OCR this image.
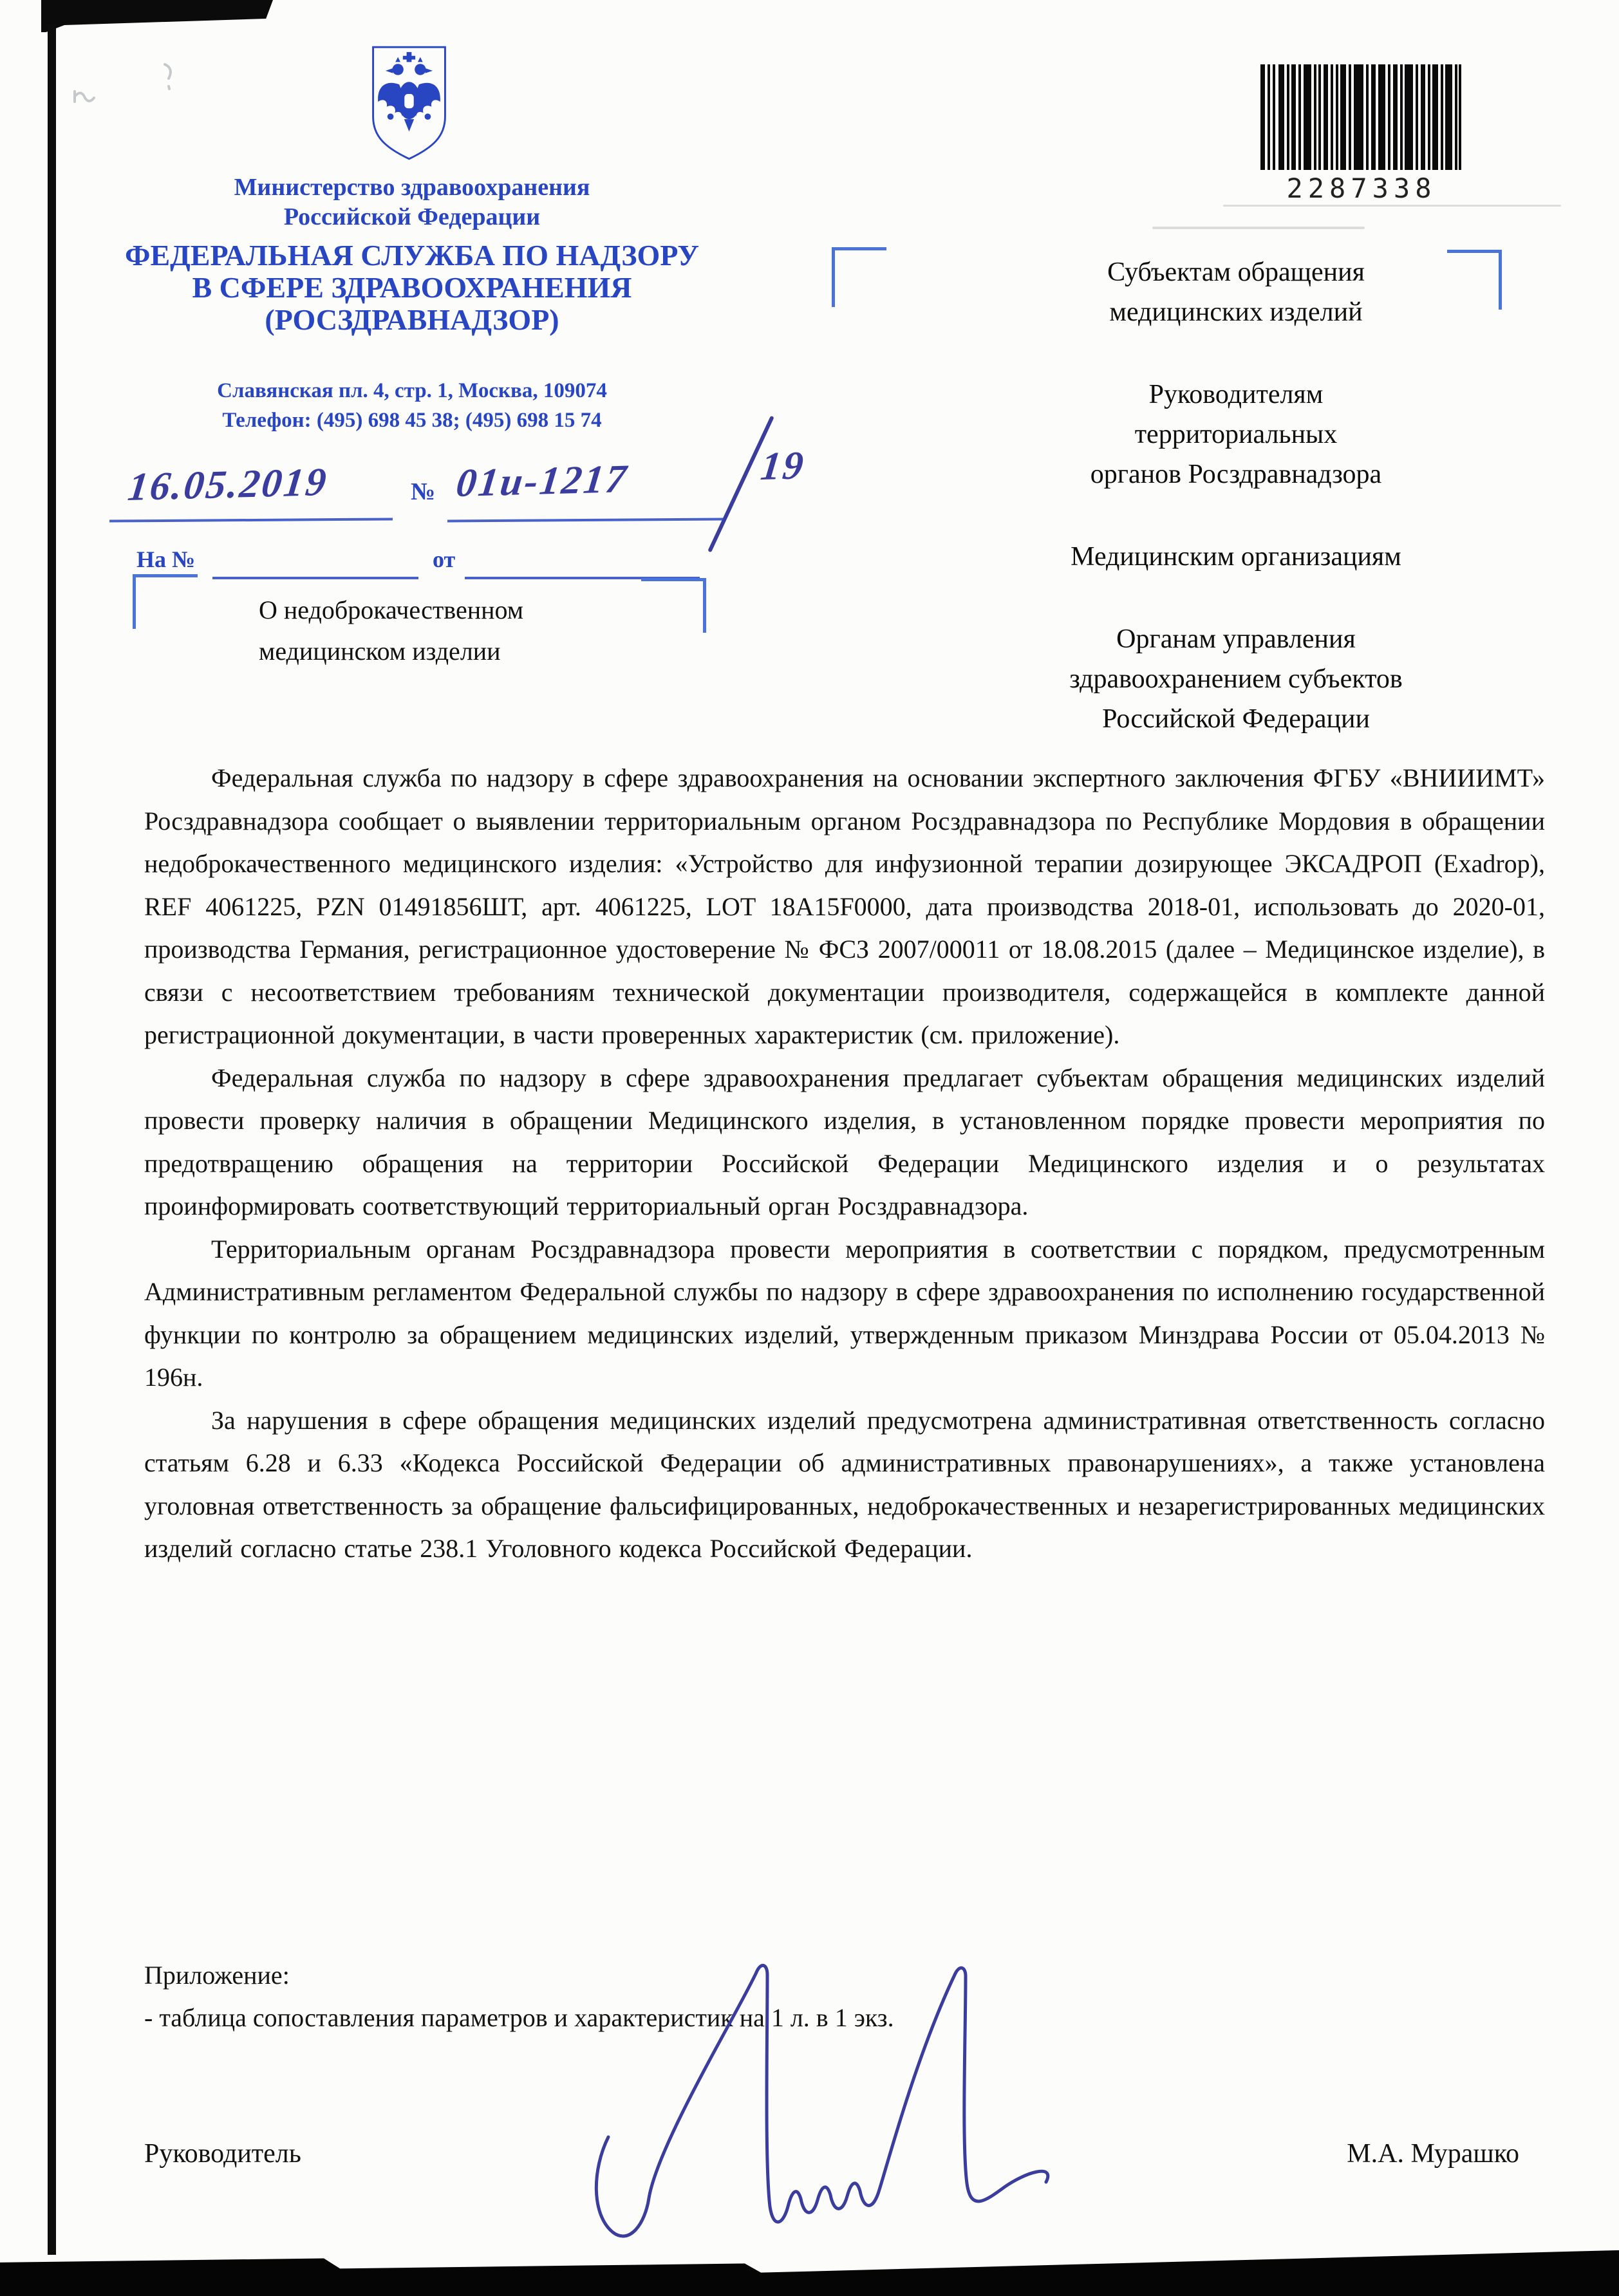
Министерство здравоохранения
Российской Федерации
ФЕДЕРАЛЬНАЯ СЛУЖБА ПО НАДЗОРУ
В СФЕРЕ ЗДРАВООХРАНЕНИЯ
(РОСЗДРАВНАДЗОР)
Славянская пл. 4, стр. 1, Москва, 109074
Телефон: (495) 698 45 38; (495) 698 15 74
16.05.2019	№ 01и-1217	19
На №	от
О недоброкачественном
медицинском изделии
2287338
Субъектам обращения
медицинских изделий
Руководителям
территориальных
органов Росздравнадзора
Медицинским организациям
Органам управления
здравоохранением субъектов
Российской Федерации

Федеральная служба по надзору в сфере здравоохранения на основании экспертного заключения ФГБУ «ВНИИИМТ» Росздравнадзора сообщает о выявлении территориальным органом Росздравнадзора по Республике Мордовия в обращении недоброкачественного медицинского изделия: «Устройство для инфузионной терапии дозирующее ЭКСАДРОП (Exadrop), REF 4061225, PZN 01491856ШТ, арт. 4061225, LOT 18A15F0000, дата производства 2018-01, использовать до 2020-01, производства Германия, регистрационное удостоверение № ФСЗ 2007/00011 от 18.08.2015 (далее – Медицинское изделие), в связи с несоответствием требованиям технической документации производителя, содержащейся в комплекте данной регистрационной документации, в части проверенных характеристик (см. приложение).

Федеральная служба по надзору в сфере здравоохранения предлагает субъектам обращения медицинских изделий провести проверку наличия в обращении Медицинского изделия, в установленном порядке провести мероприятия по предотвращению обращения на территории Российской Федерации Медицинского изделия и о результатах проинформировать соответствующий территориальный орган Росздравнадзора.

Территориальным органам Росздравнадзора провести мероприятия в соответствии с порядком, предусмотренным Административным регламентом Федеральной службы по надзору в сфере здравоохранения по исполнению государственной функции по контролю за обращением медицинских изделий, утвержденным приказом Минздрава России от 05.04.2013 № 196н.

За нарушения в сфере обращения медицинских изделий предусмотрена административная ответственность согласно статьям 6.28 и 6.33 «Кодекса Российской Федерации об административных правонарушениях», а также установлена уголовная ответственность за обращение фальсифицированных, недоброкачественных и незарегистрированных медицинских изделий согласно статье 238.1 Уголовного кодекса Российской Федерации.

Приложение:
- таблица сопоставления параметров и характеристик на 1 л. в 1 экз.
Руководитель	М.А. Мурашко
